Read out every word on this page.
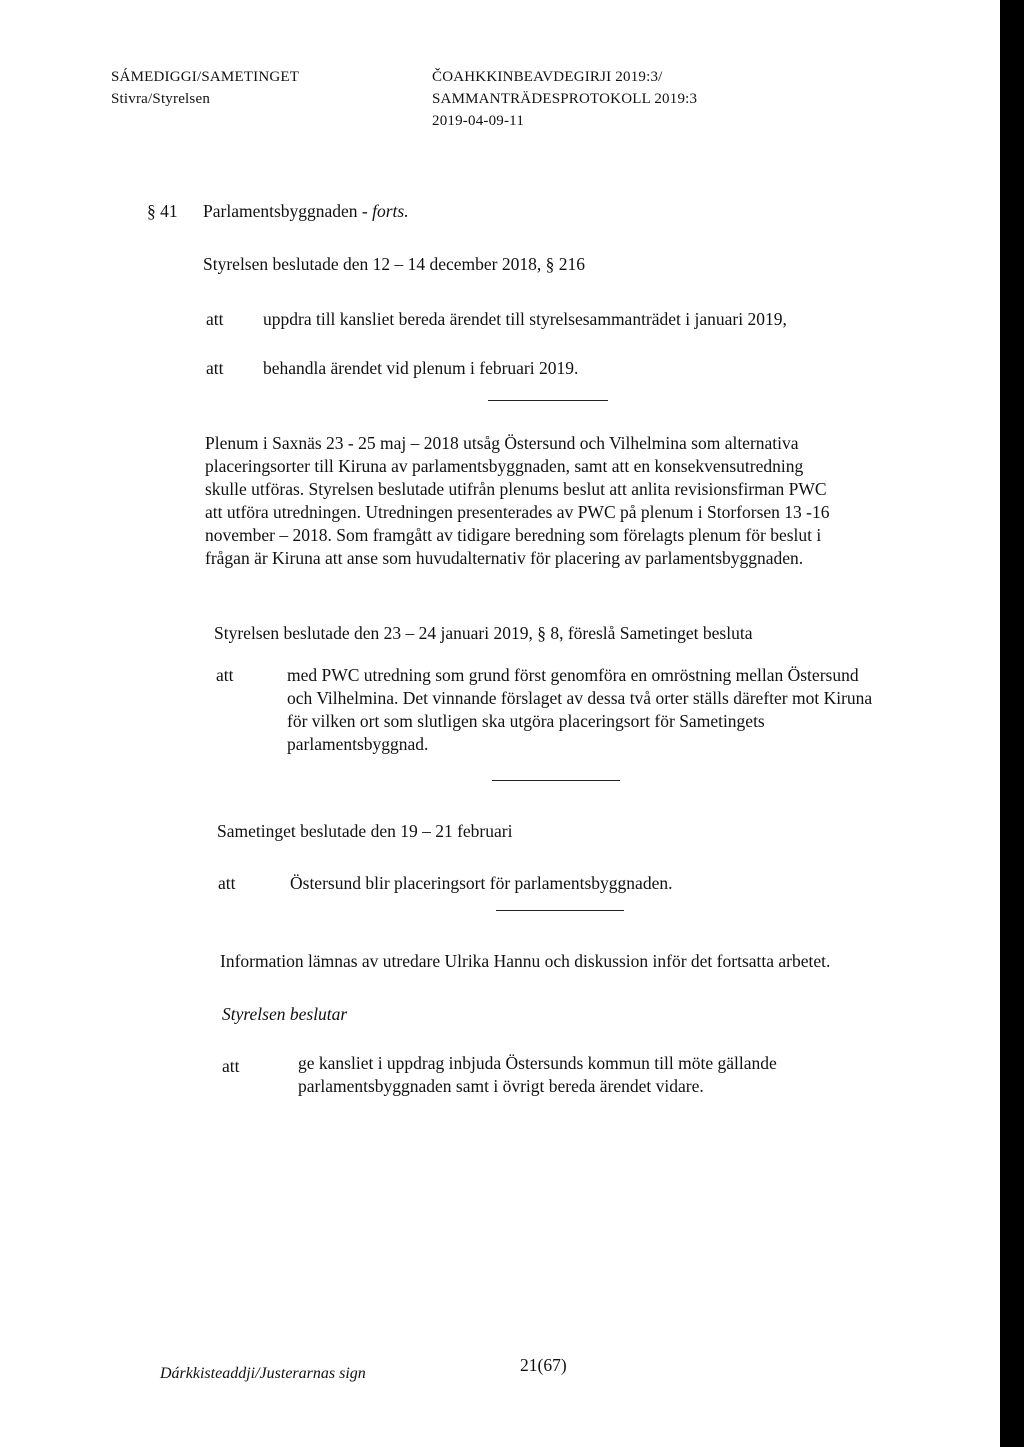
SÁMEDIGGI/SAMETINGET
Stivra/Styrelsen
ČOAHKKINBEAVDEGIRJI 2019:3/
SAMMANTRÄDESPROTOKOLL 2019:3
2019-04-09-11
§ 41 Parlamentsbyggnaden - forts.
Styrelsen beslutade den 12 – 14 december 2018, § 216
att uppdra till kansliet bereda ärendet till styrelsesammanträdet i januari 2019,
att behandla ärendet vid plenum i februari 2019.
Plenum i Saxnäs 23 - 25 maj – 2018 utsåg Östersund och Vilhelmina som alternativa
placeringsorter till Kiruna av parlamentsbyggnaden, samt att en konsekvensutredning
skulle utföras. Styrelsen beslutade utifrån plenums beslut att anlita revisionsfirman PWC
att utföra utredningen. Utredningen presenterades av PWC på plenum i Storforsen 13 -16
november – 2018. Som framgått av tidigare beredning som förelagts plenum för beslut i
frågan är Kiruna att anse som huvudalternativ för placering av parlamentsbyggnaden.
Styrelsen beslutade den 23 – 24 januari 2019, § 8, föreslå Sametinget besluta
att	med PWC utredning som grund först genomföra en omröstning mellan Östersund
och Vilhelmina. Det vinnande förslaget av dessa två orter ställs därefter mot Kiruna
för vilken ort som slutligen ska utgöra placeringsort för Sametingets
parlamentsbyggnad.
Sametinget beslutade den 19 – 21 februari
att	Östersund blir placeringsort för parlamentsbyggnaden.
Information lämnas av utredare Ulrika Hannu och diskussion inför det fortsatta arbetet.
Styrelsen beslutar
att	ge kansliet i uppdrag inbjuda Östersunds kommun till möte gällande
parlamentsbyggnaden samt i övrigt bereda ärendet vidare.
Dárkkisteaddji/Justerarnas sign	21(67)
